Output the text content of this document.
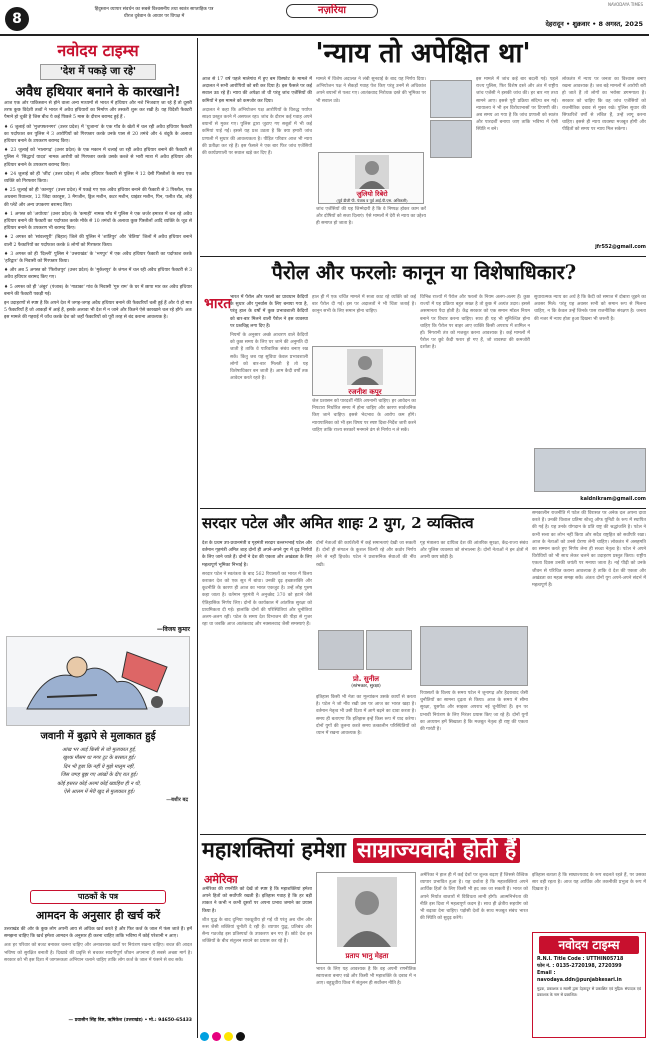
8
हिंदुस्तान व्यापार संवर्धन का सबसे विश्वसनीय तथा स्वतंत्र साप्ताहिक पत्र
धीरज दुबेवान के आधार पर विपक्ष में	नज़रिया
NAVODAYA TIMES
देहरादून • शुक्रवार • 8 अगस्त, 2025
नवोदय टाइम्स
'देश में पकड़े जा रहे'
अवैध हथियार बनाने के कारखाने!

आज एक ओर पाकिस्तान से होने वाला अन्य माध्यमों से भारत में हथियार और नशे भिजवाए जा रहे हैं तो दूसरी तरफ कुछ विदेशी तत्वों ने भारत में अवैध हथियारों का निर्माण और तस्करी शुरू कर रखी है। यह विदेशी फैक्टरी पैमाने हो चुकी है जिस बीच ये कई पिछले 5 मास के दौरान बरामद हुई हैं :

♦ 6 जुलाई को 'मुजफ्फरनगर' (उत्तर प्रदेश) में 'थुजाना' के एक गाँव के खेतों में चल रही अवैध हथियार फैक्टरी का पर्दाफाश कर पुलिस ने 3 आरोपियों को गिरफ्तार करके उनके पास से 20 तमंचे और 4 बंदूकें के अलावा हथियार बनाने के उपकरण बरामद किए।

♦ 23 जुलाई को 'नालागढ़' (उत्तर प्रदेश) के एक मकान में चलाई जा रही अवैध हथियार बनाने की फैक्टरी से पुलिस ने 'सिद्धार्थ यादव' नामक आरोपी को गिरफ्तार करके उसके कब्जे से भारी मात्रा में अवैध हथियार और हथियार बनाने के उपकरण बरामद किए।

♦ 24 जुलाई को ही 'जींद' (उत्तर प्रदेश) में अवैध हथियार फैक्टरी से पुलिस ने 12 देसी पिस्तौलों के साथ एक व्यक्ति को गिरफ्तार किया।

♦ 25 जुलाई को ही 'कानपुर' (उत्तर प्रदेश) में पकड़े गए एक अवैध हथियार बनाने की फैक्टरी से 3 पिस्तौल, एक अधबना रिवाल्वर, 12 जिंदा कारतूस, 3 मैगजीन, ड्रिल मशीन, कटर मशीन, ग्राइंडर मशीन, पिन, पलीत रॉड, लोहे की प्लेटें और अन्य उपकरण बरामद किए।

♦ 1 अगस्त को 'अयोध्या' (उत्तर प्रदेश) के 'कमाही' नामक गाँव में पुलिस ने एक जर्जर इमारत में चल रहे अवैध हथियार बनाने की फैक्टरी का पर्दाफाश करके मौके से 10 तमंचों के अलावा कुछ पिस्तौलों आदि व्यक्ति के जूठ से हथियार बनाने के उपकरण भी बरामद किए।

♦ 2 अगस्त को 'सांवलपुरी' (बिहार) जिले की पुलिस ने 'शांतिपुर' और 'बेतिया' जिलों में अवैध हथियार बनाने वाली 2 फैक्टरियों का पर्दाफाश करके 8 लोगों को गिरफ्तार किया।

♦ 3 अगस्त को ही 'दिल्ली' पुलिस ने 'उत्तराखंड' के 'भगपुर' में एक अवैध हथियार फैक्टरी का पर्दाफाश करके 'हरिद्वार' के निवासी को गिरफ्तार किया।

♦ और अब 5 अगस्त को 'फिरोजपुर' (उत्तर प्रदेश) के 'मुर्कलपुर' के जंगल में चल रही अवैध हथियार फैक्टरी से 3 अवैध हथियार बरामद किए गए।

♦ 5 अगस्त को ही 'अंबुर' (पंजाब) के 'गाडाका' गांव के निवासी 'गुरु राम' के घर में छापा मार कर अवैध हथियार बनाने की फैक्टरी पकड़ी गई।

इन उदाहरणों से स्पष्ट है कि अपने देश में जगह-जगह अवैध हथियार बनाने की फैक्टरियाँ चली हुई हैं और ये हो मात्र 5 फैक्टरियाँ हैं जो आकड़ों में आई हैं, इसके अलावा भी देश में न जाने और कितने ऐसे कारखाने चल रहे होंगे। अतः इस मामले की गहराई में जाँच करके देश को जहाँ फैक्टरियों को पूरी तरह से बंद कराना आवश्यक है।

—विजय कुमार
जवानी में बुढ़ापे से मुलाकात हुई
आंख भर आई किसी से जो मुलाकात हुई,
खुश्क मौसम था मगर टूट के बरसात हुई।
दिन भी डूबा कि नहीं ये मुझे मालूम नहीं,
जिस जगह बुझ गए आंखों के दीए रात हुई।
कोई हसरत कोई अरमां कोई ख्वाहिश ही न थी,
ऐसे आलम में मेरी खुद से मुलाकात हुई।
—बशीर बद्र
पाठकों के पत्र
आमदन के अनुसार ही खर्च करें

उत्तराखंड की ओर के कुछ लोग अपनी आय से अधिक खर्च करते हैं और फिर कर्ज के जाल में फंस जाते हैं। हमें समझना चाहिए कि खर्च हमेशा आमदन के अनुसार ही करना चाहिए ताकि भविष्य में कोई परेशानी न आए।

अतः हर परिवार को बजट बनाकर चलना चाहिए और अनावश्यक खर्चों पर नियंत्रण रखना चाहिए। बचत की आदत भविष्य को सुरक्षित बनाती है। दिखावे की प्रवृत्ति से बचकर सादगीपूर्ण जीवन अपनाना ही सबसे अच्छा मार्ग है। सरकार को भी इस दिशा में जागरूकता अभियान चलाने चाहिए ताकि लोग कर्ज के जाल में फंसने से बच सकें।

— प्रवासीन सिंह बिष्ट, ऋषिकेश (उत्तराखंड) • मो.: 94650-65433
'न्याय तो अपेक्षित था'

आज से 17 वर्ष पहले मालेगांव में हुए बम विस्फोट के मामले में अदालत ने सभी आरोपियों को बरी कर दिया है। इस फैसले पर कई सवाल उठ रहे हैं। न्याय की अपेक्षा तो थी परंतु जांच एजेंसियों की कमियों ने इस मामले को कमजोर कर दिया।

अदालत ने कहा कि अभियोजन पक्ष आरोपियों के विरुद्ध पर्याप्त साक्ष्य प्रस्तुत करने में असफल रहा। जांच के दौरान कई गवाह अपने बयानों से मुकर गए। पुलिस द्वारा जुटाए गए सबूतों में भी कई कमियां पाई गईं। इससे यह प्रश्न उठता है कि क्या हमारी जांच प्रणाली में सुधार की आवश्यकता है। पीड़ित परिवार आज भी न्याय की प्रतीक्षा कर रहे हैं। इस फैसले ने एक बार फिर जांच एजेंसियों की कार्यप्रणाली पर सवाल खड़े कर दिए हैं।

मामले में विशेष अदालत ने लंबी सुनवाई के बाद यह निर्णय दिया। अभियोजन पक्ष ने सैकड़ों गवाह पेश किए परंतु उनमें से अधिकांश अपने बयानों से पलट गए। आतंकवाद निरोधक दस्ते की भूमिका पर भी सवाल उठे।

जुलियो रिबेरो
(पूर्व डीजी पी. पंजाब व पूर्व आई.पी.एस. अधिकारी)

जांच एजेंसियों की यह जिम्मेदारी है कि वे निष्पक्ष होकर काम करें और दोषियों को सजा दिलाएं। ऐसे मामलों में देरी से न्याय का उद्देश्य ही समाप्त हो जाता है।

इस मामले में जांच कई बार बदली गई। पहले राज्य पुलिस, फिर विशेष दस्ते और अंत में राष्ट्रीय जांच एजेंसी ने इसकी जांच की। हर बार नए तथ्य सामने आए। इससे पूरी प्रक्रिया संदिग्ध बन गई। न्यायालय ने भी इन विरोधाभासों पर टिप्पणी की। अब समय आ गया है कि जांच प्रणाली को स्वतंत्र और पारदर्शी बनाया जाए ताकि भविष्य में ऐसी स्थिति न बने।

लोकतंत्र में न्याय पर जनता का विश्वास बनाए रखना आवश्यक है। जब बड़े मामलों में आरोपी बरी हो जाते हैं तो लोगों का भरोसा डगमगाता है। सरकार को चाहिए कि वह जांच एजेंसियों को राजनीतिक दबाव से मुक्त रखे। पुलिस सुधार की सिफारिशें वर्षों से लंबित हैं, उन्हें लागू करना चाहिए। इससे ही न्याय व्यवस्था मजबूत होगी और पीड़ितों को समय पर न्याय मिल सकेगा।

jfr552@gmail.com
पैरोल और फरलोः कानून या विशेषाधिकार?
भारत

भारत में पैरोल और फरलो का प्रावधान कैदियों के सुधार और पुनर्वास के लिए बनाया गया है, परंतु हाल के वर्षों में कुछ प्रभावशाली कैदियों को बार-बार मिलने वाली पैरोल ने इस व्यवस्था पर प्रश्नचिह्न लगा दिए हैं।

नियमों के अनुसार अच्छे आचरण वाले कैदियों को कुछ समय के लिए घर जाने की अनुमति दी जाती है ताकि वे पारिवारिक संबंध बनाए रख सकें। किंतु जब यह सुविधा केवल प्रभावशाली लोगों को बार-बार मिलती है तो यह विशेषाधिकार बन जाती है। आम कैदी वर्षों तक आवेदन करते रहते हैं।

हाल ही में एक चर्चित मामले में सजा काट रहे व्यक्ति को कई बार पैरोल दी गई। इस पर अदालतों ने भी चिंता जताई है। कानून सभी के लिए समान होना चाहिए।

रजनीश कपूर

जेल प्रशासन को पारदर्शी नीति अपनानी चाहिए। हर आवेदन का निपटारा निर्धारित समय में होना चाहिए और कारण सार्वजनिक किए जाने चाहिए। इससे भेदभाव के आरोप कम होंगे। न्यायपालिका को भी इस विषय पर स्पष्ट दिशा-निर्देश जारी करने चाहिए ताकि राज्य सरकारें मनमाने ढंग से निर्णय न ले सकें।

विभिन्न राज्यों में पैरोल और फरलो के नियम अलग-अलग हैं। कुछ राज्यों में यह प्रक्रिया बहुत सख्त है तो कुछ में अत्यंत उदार। इससे असमानता पैदा होती है। केंद्र सरकार को एक समान मॉडल नियम बनाने पर विचार करना चाहिए। साथ ही यह भी सुनिश्चित होना चाहिए कि पैरोल पर बाहर आए व्यक्ति किसी अपराध में शामिल न हों। निगरानी तंत्र को मजबूत करना आवश्यक है। कई मामलों में पैरोल पर छूटे कैदी फरार हो गए हैं, जो व्यवस्था की कमजोरी दर्शाता है।

सुधारात्मक न्याय का अर्थ है कि कैदी को समाज में दोबारा जुड़ने का अवसर मिले। परंतु यह अवसर सभी को समान रूप से मिलना चाहिए, न कि केवल उन्हें जिनके पास राजनीतिक संरक्षण है। जनता की नजर में न्याय होता हुआ दिखना भी जरूरी है।

kaldnikram@gmail.com
सरदार पटेल और अमित शाहः 2 युग, 2 व्यक्तित्व

देश के प्रथम उप-प्रधानमंत्री व गृहमंत्री सरदार वल्लभभाई पटेल और वर्तमान गृहमंत्री अमित शाह दोनों ही अपने-अपने युग में दृढ़ निर्णयों के लिए जाने जाते हैं। दोनों ने देश की एकता और अखंडता के लिए महत्वपूर्ण भूमिका निभाई है।

सरदार पटेल ने स्वतंत्रता के बाद 562 रियासतों का भारत में विलय कराकर देश को एक सूत्र में बांधा। उनकी दृढ़ इच्छाशक्ति और कूटनीति के कारण ही आज का भारत एकजुट है। उन्हें लौह पुरुष कहा जाता है। वर्तमान गृहमंत्री ने अनुच्छेद 370 को हटाने जैसे ऐतिहासिक निर्णय लिए। दोनों के कार्यकाल में आंतरिक सुरक्षा को प्राथमिकता दी गई। हालांकि दोनों की परिस्थितियां और चुनौतियां अलग-अलग रहीं। पटेल के समय देश विभाजन की पीड़ा से गुजर रहा था जबकि आज आतंकवाद और नक्सलवाद जैसी समस्याएं हैं।

दोनों नेताओं की कार्यशैली में कई समानताएं देखी जा सकती हैं। दोनों ही संगठन के कुशल शिल्पी रहे और कठोर निर्णय लेने से नहीं हिचके। पटेल ने प्रशासनिक सेवाओं की नींव रखी।

प्रो. सुनील
(स्तंभकार, सुरक्षा)

इतिहास किसी भी नेता का मूल्यांकन उसके कार्यों से करता है। पटेल ने जो नींव रखी उस पर आज का भारत खड़ा है। वर्तमान नेतृत्व भी उसी दिशा में आगे बढ़ने का दावा करता है। समय ही बताएगा कि इतिहास इन्हें किस रूप में याद करेगा। दोनों युगों की तुलना करते समय तत्कालीन परिस्थितियों को ध्यान में रखना आवश्यक है।

गृह मंत्रालय का दायित्व देश की आंतरिक सुरक्षा, केंद्र-राज्य संबंध और पुलिस व्यवस्था को संभालना है। दोनों नेताओं ने इन क्षेत्रों में अपनी छाप छोड़ी है।

रियासतों के विलय के समय पटेल ने जूनागढ़ और हैदराबाद जैसी चुनौतियों का सामना दृढ़ता से किया। आज के समय में सीमा सुरक्षा, घुसपैठ और साइबर अपराध नई चुनौतियां हैं। इन पर प्रभावी नियंत्रण के लिए निरंतर प्रयास किए जा रहे हैं। दोनों युगों का अध्ययन हमें सिखाता है कि मजबूत नेतृत्व ही राष्ट्र की एकता की गारंटी है।

समकालीन राजनीति में पटेल की विरासत पर अनेक दल अपना दावा करते हैं। उनकी विशाल प्रतिमा स्टैच्यू ऑफ यूनिटी के रूप में स्थापित की गई है। यह उनके योगदान के प्रति राष्ट्र की श्रद्धांजलि है। पटेल ने कभी सत्ता का लोभ नहीं किया और सदैव राष्ट्रहित को सर्वोपरि रखा। आज के नेताओं को उनसे प्रेरणा लेनी चाहिए। लोकतंत्र में असहमति का सम्मान करते हुए निर्णय लेना ही सच्चा नेतृत्व है। पटेल ने अपने विरोधियों को भी साथ लेकर चलने का उदाहरण प्रस्तुत किया। राष्ट्रीय एकता दिवस उनकी जयंती पर मनाया जाता है। नई पीढ़ी को उनके जीवन से परिचित कराना आवश्यक है ताकि वे देश की एकता और अखंडता का महत्व समझ सकें। अंततः दोनों युग अपने-अपने संदर्भ में महत्वपूर्ण हैं।

महाशक्तियां हमेशा साम्राज्यवादी होती हैं
अमेरिका

अमेरिका की रणनीति को देखें तो स्पष्ट है कि महाशक्तियां हमेशा अपने हितों को सर्वोपरि रखती हैं। इतिहास गवाह है कि हर बड़ी ताकत ने कभी न कभी दूसरों पर अपना प्रभाव जमाने का प्रयास किया है।

शीत युद्ध के बाद दुनिया एकध्रुवीय हो गई थी परंतु अब चीन और रूस जैसी शक्तियां चुनौती दे रही हैं। व्यापार युद्ध, प्रतिबंध और सैन्य गठजोड़ इस प्रतिस्पर्धा के उपकरण बन गए हैं। छोटे देश इन शक्तियों के बीच संतुलन साधने का प्रयास कर रहे हैं।

प्रताप भानु मेहता

भारत के लिए यह आवश्यक है कि वह अपनी रणनीतिक स्वायत्तता बनाए रखे और किसी भी महाशक्ति के दबाव में न आए। बहुध्रुवीय विश्व में संतुलन ही सर्वोत्तम नीति है।

अमेरिका ने हाल ही में कई देशों पर शुल्क बढ़ाए हैं जिससे वैश्विक व्यापार प्रभावित हुआ है। यह दर्शाता है कि महाशक्तियां अपने आर्थिक हितों के लिए किसी भी हद तक जा सकती हैं। भारत को अपने निर्यात बाजारों में विविधता लानी होगी। आत्मनिर्भरता की नीति इस दिशा में महत्वपूर्ण कदम है। साथ ही क्षेत्रीय सहयोग को भी बढ़ावा देना चाहिए। पड़ोसी देशों के साथ मजबूत संबंध भारत की स्थिति को सुदृढ़ करेंगे।

इतिहास बताता है कि साम्राज्यवाद के रूप बदलते रहते हैं, पर उसका सार वही रहता है। आज यह आर्थिक और तकनीकी प्रभुत्व के रूप में दिखता है।

नवोदय टाइम्स
R.N.I. Title Code : UTTHIN05718
फोन नं. : 0135-2720198, 2720399
Email : navodaya.ddn@punjabkesari.in
मुद्रक, प्रकाशक व स्वामी द्वारा देहरादून से प्रकाशित एवं मुद्रित। संपादक एवं प्रकाशक के नाम से प्रकाशित।
